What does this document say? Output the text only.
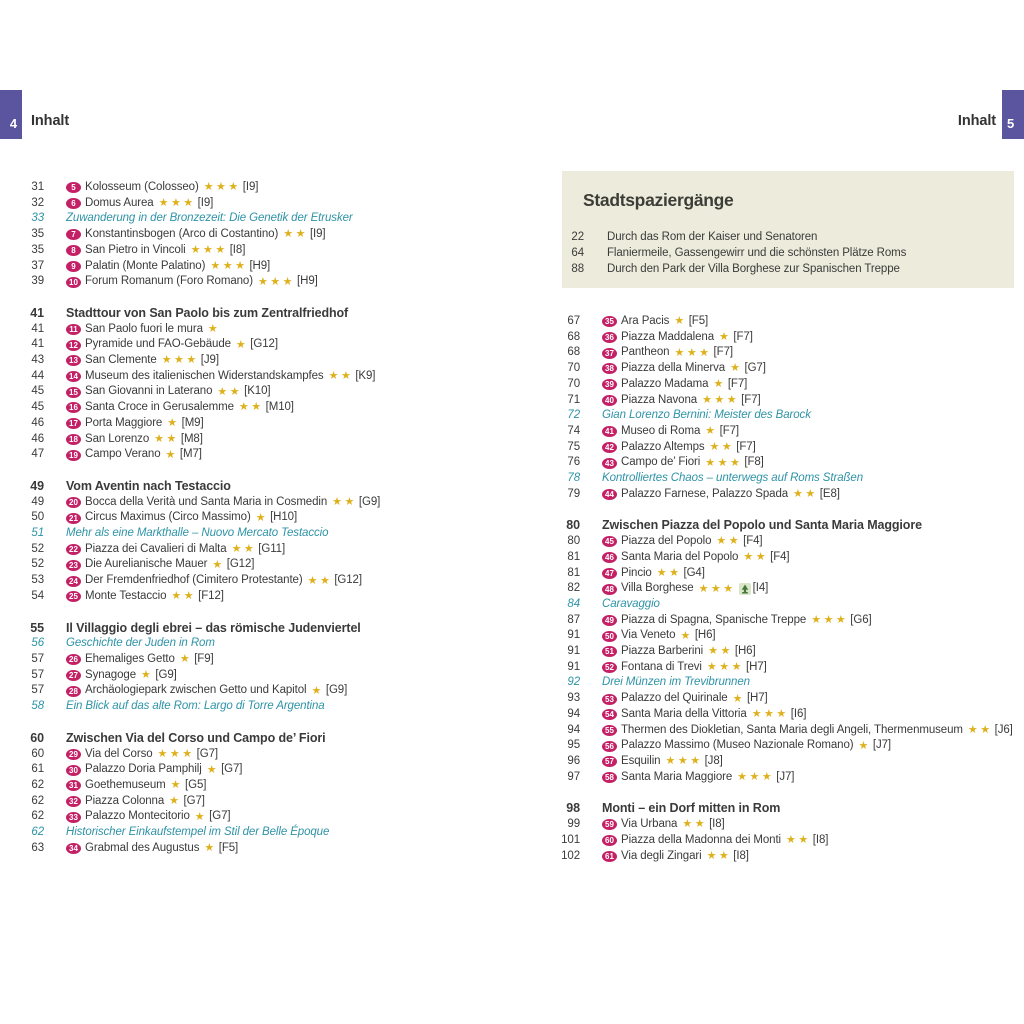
4 Inhalt	Inhalt 5
31	5 Kolosseum (Colosseo) ★★★ [I9]
32	6 Domus Aurea ★★★ [I9]
33 Zuwanderung in der Bronzezeit: Die Genetik der Etrusker
35	7 Konstantinsbogen (Arco di Costantino) ★★ [I9]
35	8 San Pietro in Vincoli ★★★ [I8]
37	9 Palatin (Monte Palatino) ★★★ [H9]
39	10 Forum Romanum (Foro Romano) ★★★ [H9]
41 Stadttour von San Paolo bis zum Zentralfriedhof
41	11 San Paolo fuori le mura ★
41	12 Pyramide und FAO-Gebäude ★ [G12]
43	13 San Clemente ★★★ [J9]
44	14 Museum des italienischen Widerstandskampfes ★★ [K9]
45	15 San Giovanni in Laterano ★★ [K10]
45	16 Santa Croce in Gerusalemme ★★ [M10]
46	17 Porta Maggiore ★ [M9]
46	18 San Lorenzo ★★ [M8]
47	19 Campo Verano ★ [M7]
49 Vom Aventin nach Testaccio
49	20 Bocca della Verità und Santa Maria in Cosmedin ★★ [G9]
50	21 Circus Maximus (Circo Massimo) ★ [H10]
51 Mehr als eine Markthalle – Nuovo Mercato Testaccio
52	22 Piazza dei Cavalieri di Malta ★★ [G11]
52	23 Die Aurelianische Mauer ★ [G12]
53	24 Der Fremdenfriedhof (Cimitero Protestante) ★★ [G12]
54	25 Monte Testaccio ★★ [F12]
55 Il Villaggio degli ebrei – das römische Judenviertel
56 Geschichte der Juden in Rom
57	26 Ehemaliges Getto ★ [F9]
57	27 Synagoge ★ [G9]
57	28 Archäologiepark zwischen Getto und Kapitol ★ [G9]
58 Ein Blick auf das alte Rom: Largo di Torre Argentina
60 Zwischen Via del Corso und Campo de’ Fiori
60	29 Via del Corso ★★★ [G7]
61	30 Palazzo Doria Pamphilj ★ [G7]
62	31 Goethemuseum ★ [G5]
62	32 Piazza Colonna ★ [G7]
62	33 Palazzo Montecitorio ★ [G7]
62 Historischer Einkaufstempel im Stil der Belle Époque
63	34 Grabmal des Augustus ★ [F5]
Stadtspaziergänge
22 Durch das Rom der Kaiser und Senatoren
64 Flaniermeile, Gassengewirr und die schönsten Plätze Roms
88 Durch den Park der Villa Borghese zur Spanischen Treppe
67	35 Ara Pacis ★ [F5]
68	36 Piazza Maddalena ★ [F7]
68	37 Pantheon ★★★ [F7]
70	38 Piazza della Minerva ★ [G7]
70	39 Palazzo Madama ★ [F7]
71	40 Piazza Navona ★★★ [F7]
72 Gian Lorenzo Bernini: Meister des Barock
74	41 Museo di Roma ★ [F7]
75	42 Palazzo Altemps ★★ [F7]
76	43 Campo de’ Fiori ★★★ [F8]
78 Kontrolliertes Chaos – unterwegs auf Roms Straßen
79	44 Palazzo Farnese, Palazzo Spada ★★ [E8]
80 Zwischen Piazza del Popolo und Santa Maria Maggiore
80	45 Piazza del Popolo ★★ [F4]
81	46 Santa Maria del Popolo ★★ [F4]
81	47 Pincio ★★ [G4]
82	48 Villa Borghese ★★★ [I4]
84 Caravaggio
87	49 Piazza di Spagna, Spanische Treppe ★★★ [G6]
91	50 Via Veneto ★ [H6]
91	51 Piazza Barberini ★★ [H6]
91	52 Fontana di Trevi ★★★ [H7]
92 Drei Münzen im Trevibrunnen
93	53 Palazzo del Quirinale ★ [H7]
94	54 Santa Maria della Vittoria ★★★ [I6]
94	55 Thermen des Diokletian, Santa Maria degli Angeli, Thermenmuseum ★★ [J6]
95	56 Palazzo Massimo (Museo Nazionale Romano) ★ [J7]
96	57 Esquilin ★★★ [J8]
97	58 Santa Maria Maggiore ★★★ [J7]
98 Monti – ein Dorf mitten in Rom
99	59 Via Urbana ★★ [I8]
101	60 Piazza della Madonna dei Monti ★★ [I8]
102	61 Via degli Zingari ★★ [I8]
